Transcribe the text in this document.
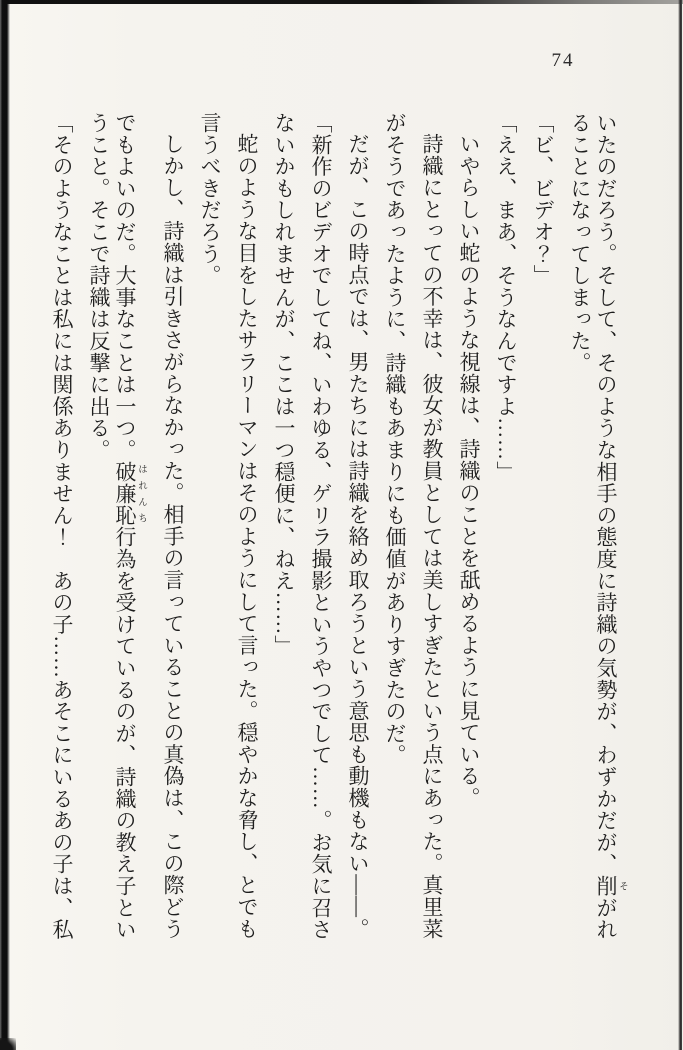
74
いたのだろう。そして、そのような相手の態度に詩織の気勢が、わずかだが、削 そがれ
ることになってしまった。
「ビ、ビデオ？」
「ええ、まあ、そうなんですよ……」
いやらしい蛇のような視線は、詩織のことを舐めるように見ている。
詩織にとっての不幸は、彼女が教員としては美しすぎたという点にあった。真里菜
がそうであったように、詩織もあまりにも価値がありすぎたのだ。
だが、この時点では、男たちには詩織を絡め取ろうという意思も動機もない――。
「新作のビデオでしてね、いわゆる、ゲリラ撮影というやつでして……。お気に召さ
ないかもしれませんが、ここは一つ穏便に、ねえ……」
蛇のような目をしたサラリーマンはそのようにして言った。穏やかな脅し、とでも
言うべきだろう。
しかし、詩織は引きさがらなかった。相手の言っていることの真偽は、この際どう
でもよいのだ。大事なことは一つ。破廉恥 はれんち行為を受けているのが、詩織の教え子とい
うこと。そこで詩織は反撃に出る。
「そのようなことは私には関係ありません！　あの子……あそこにいるあの子は、私
